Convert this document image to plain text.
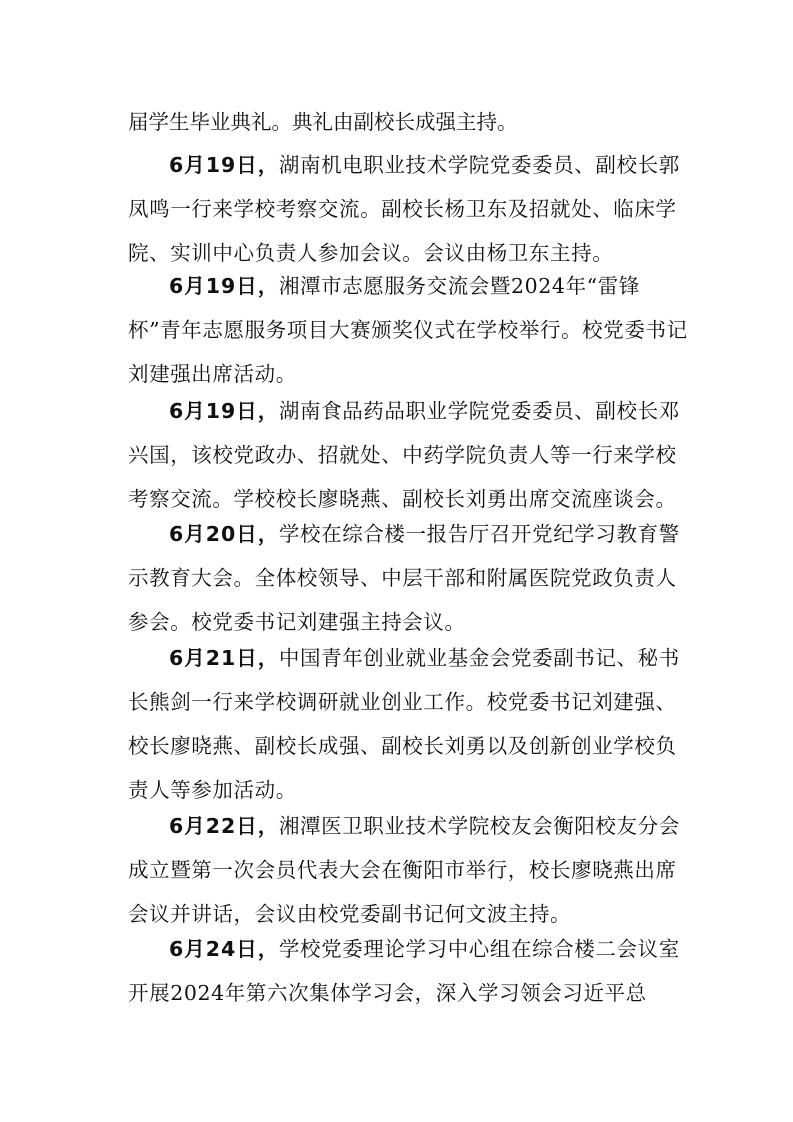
届学生毕业典礼。典礼由副校长成强主持。

6月19日，湖南机电职业技术学院党委委员、副校长郭凤鸣一行来学校考察交流。副校长杨卫东及招就处、临床学院、实训中心负责人参加会议。会议由杨卫东主持。

6月19日，湘潭市志愿服务交流会暨2024年“雷锋杯”青年志愿服务项目大赛颁奖仪式在学校举行。校党委书记刘建强出席活动。

6月19日，湖南食品药品职业学院党委委员、副校长邓兴国，该校党政办、招就处、中药学院负责人等一行来学校考察交流。学校校长廖晓燕、副校长刘勇出席交流座谈会。

6月20日，学校在综合楼一报告厅召开党纪学习教育警示教育大会。全体校领导、中层干部和附属医院党政负责人参会。校党委书记刘建强主持会议。

6月21日，中国青年创业就业基金会党委副书记、秘书长熊剑一行来学校调研就业创业工作。校党委书记刘建强、校长廖晓燕、副校长成强、副校长刘勇以及创新创业学校负责人等参加活动。

6月22日，湘潭医卫职业技术学院校友会衡阳校友分会成立暨第一次会员代表大会在衡阳市举行，校长廖晓燕出席会议并讲话，会议由校党委副书记何文波主持。

6月24日，学校党委理论学习中心组在综合楼二会议室开展2024年第六次集体学习会，深入学习领会习近平总
